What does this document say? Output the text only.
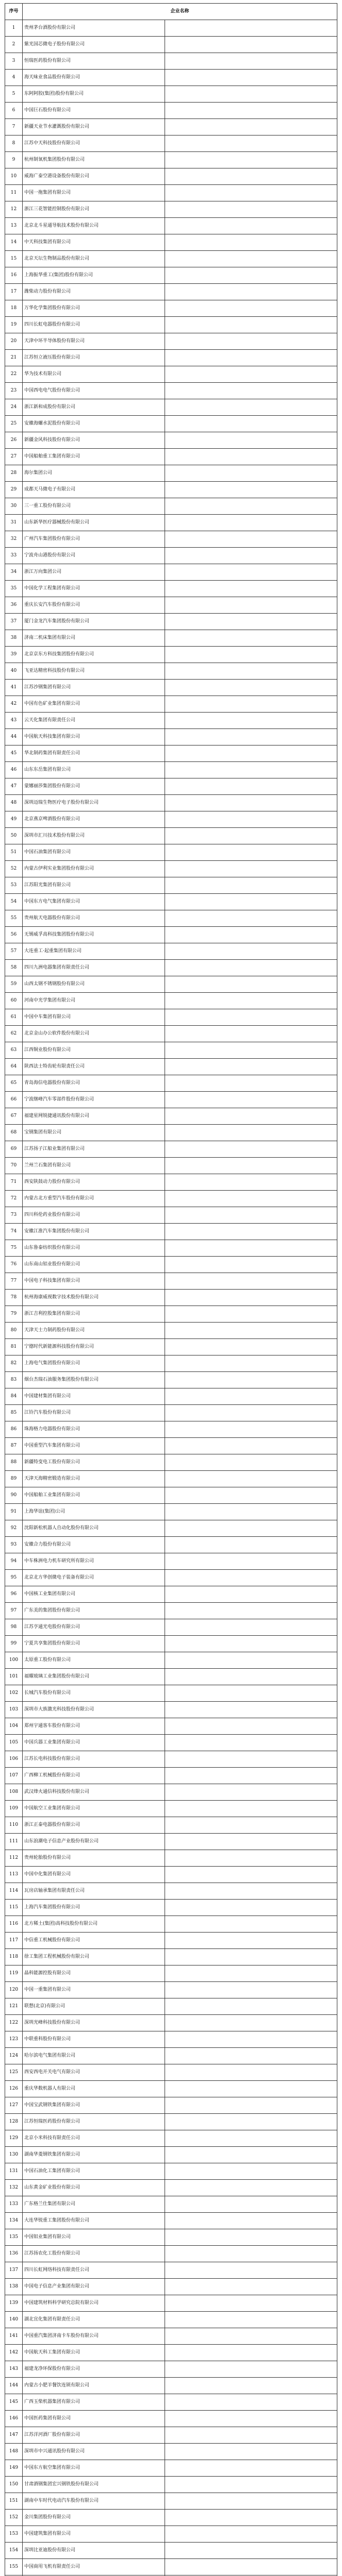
序号	企业名称	
1	贵州茅台酒股份有限公司	
2	紫光国芯微电子股份有限公司	
3	恒瑞医药股份有限公司	
4	海天味业食品股份有限公司	
5	东阿阿胶(集团)股份有限公司	
6	中国巨石股份有限公司	
7	新疆天业节水灌溉股份有限公司	
8	江苏中天科技股份有限公司	
9	杭州制氧机集团股份有限公司	
10	威海广泰空港设备股份有限公司	
11	中国一拖集团有限公司	
12	浙江三花智能控制股份有限公司	
13	北京北斗星通导航技术股份有限公司	
14	中天科技集团有限公司	
15	北京天坛生物制品股份有限公司	
16	上海振华重工(集团)股份有限公司	
17	潍柴动力股份有限公司	
18	万华化学集团股份有限公司	
19	四川长虹电器股份有限公司	
20	天津中环半导体股份有限公司	
21	江苏恒立液压股份有限公司	
22	华为技术有限公司	
23	中国西电电气股份有限公司	
24	浙江新和成股份有限公司	
25	安徽海螺水泥股份有限公司	
26	新疆金风科技股份有限公司	
27	中国船舶重工集团有限公司	
28	海尔集团公司	
29	成都天马微电子有限公司	
30	三一重工股份有限公司	
31	山东新华医疗器械股份有限公司	
32	广州汽车集团股份有限公司	
33	宁波舟山港股份有限公司	
34	浙江万向集团公司	
35	中国化学工程集团有限公司	
36	重庆长安汽车股份有限公司	
37	厦门金龙汽车集团股份有限公司	
38	济南二机床集团有限公司	
39	北京京东方科技集团股份有限公司	
40	飞亚达精密科技股份有限公司	
41	江苏沙钢集团有限公司	
42	中国有色矿业集团有限公司	
43	云天化集团有限责任公司	
44	中国航天科技集团有限公司	
45	华北制药集团有限责任公司	
46	山东东岳集团有限公司	
47	蒙娜丽莎集团股份有限公司	
48	深圳迈瑞生物医疗电子股份有限公司	
49	北京燕京啤酒股份有限公司	
50	深圳市汇川技术股份有限公司	
51	中国石油集团有限公司	
52	内蒙古伊利实业集团股份有限公司	
53	江苏阳光集团有限公司	
54	中国东方电气集团有限公司	
55	贵州航天电器股份有限公司	
56	无锡威孚高科技集团股份有限公司	
57	大连重工·起重集团有限公司	
58	四川九洲电器集团有限责任公司	
59	山西太钢不锈钢股份有限公司	
60	河南中光学集团有限公司	
61	中国中车集团有限公司	
62	北京金山办公软件股份有限公司	
63	江西铜业股份有限公司	
64	陕西法士特齿轮有限责任公司	
65	青岛海信电器股份有限公司	
66	宁波继峰汽车零部件股份有限公司	
67	福建星网锐捷通讯股份有限公司	
68	宝钢集团有限公司	
69	江苏扬子江船业集团有限公司	
70	兰州兰石集团有限公司	
71	西安陕鼓动力股份有限公司	
72	内蒙古北方重型汽车股份有限公司	
73	四川科伦药业股份有限公司	
74	安徽江淮汽车集团股份有限公司	
75	山东鲁泰纺织股份有限公司	
76	山东南山铝业股份有限公司	
77	中国电子科技集团有限公司	
78	杭州海康威视数字技术股份有限公司	
79	浙江吉利控股集团有限公司	
80	天津天士力制药股份有限公司	
81	宁德时代新能源科技股份有限公司	
82	上海电气集团股份有限公司	
83	烟台杰瑞石油服务集团股份有限公司	
84	中国建材集团有限公司	
85	江铃汽车股份有限公司	
86	珠海格力电器股份有限公司	
87	中国重型汽车集团有限公司	
88	新疆特变电工股份有限公司	
89	天津天海精密锻造有限公司	
90	中国船舶工业集团有限公司	
91	上海华谊(集团)公司	
92	沈阳新松机器人自动化股份有限公司	
93	安徽合力股份有限公司	
94	中车株洲电力机车研究所有限公司	
95	北京北方华创微电子装备有限公司	
96	中国核工业集团有限公司	
97	广东美的集团股份有限公司	
98	江苏亨通光电股份有限公司	
99	宁夏共享集团股份有限公司	
100	太原重工股份有限公司	
101	福耀玻璃工业集团股份有限公司	
102	长城汽车股份有限公司	
103	深圳市大族激光科技股份有限公司	
104	郑州宇通客车股份有限公司	
105	中国兵器工业集团有限公司	
106	江苏长电科技股份有限公司	
107	广西柳工机械股份有限公司	
108	武汉烽火通信科技股份有限公司	
109	中国航空工业集团有限公司	
110	浙江正泰电器股份有限公司	
111	山东浪潮电子信息产业股份有限公司	
112	贵州轮胎股份有限公司	
113	中国中化集团有限公司	
114	瓦房店轴承集团有限责任公司	
115	上海汽车集团股份有限公司	
116	北方稀土(集团)高科技股份有限公司	
117	中信重工机械股份有限公司	
118	徐工集团工程机械股份有限公司	
119	晶科能源控股有限公司	
120	中国一重集团有限公司	
121	联想(北京)有限公司	
122	深圳光峰科技股份有限公司	
123	中联重科股份有限公司	
124	哈尔滨电气集团有限公司	
125	西安西电开关电气有限公司	
126	重庆华数机器人有限公司	
127	中国宝武钢铁集团有限公司	
128	江苏恒瑞医药股份有限公司	
129	北京小米科技有限责任公司	
130	湖南华菱钢铁集团有限公司	
131	中国石油化工集团有限公司	
132	山东黄金矿业股份有限公司	
133	广东格兰仕集团有限公司	
134	大连华锐重工集团股份有限公司	
135	中国铝业集团有限公司	
136	江苏扬农化工股份有限公司	
137	四川长虹网络科技有限责任公司	
138	中国电子信息产业集团有限公司	
139	中国建筑材料科学研究总院有限公司	
140	湖北宜化集团有限责任公司	
141	中国重汽集团济南卡车股份有限公司	
142	中国航天科工集团有限公司	
143	福建龙净环保股份有限公司	
144	内蒙古小肥羊餐饮连锁有限公司	
145	广西玉柴机器集团有限公司	
146	中国医药集团有限公司	
147	江苏洋河酒厂股份有限公司	
148	深圳市中兴通讯股份有限公司	
149	中国东方航空集团有限公司	
150	甘肃酒钢集团宏兴钢铁股份有限公司	
151	湖南中车时代电动汽车股份有限公司	
152	金川集团股份有限公司	
153	中国建筑集团有限公司	
154	深圳比亚迪股份有限公司	
155	中国商用飞机有限责任公司	
